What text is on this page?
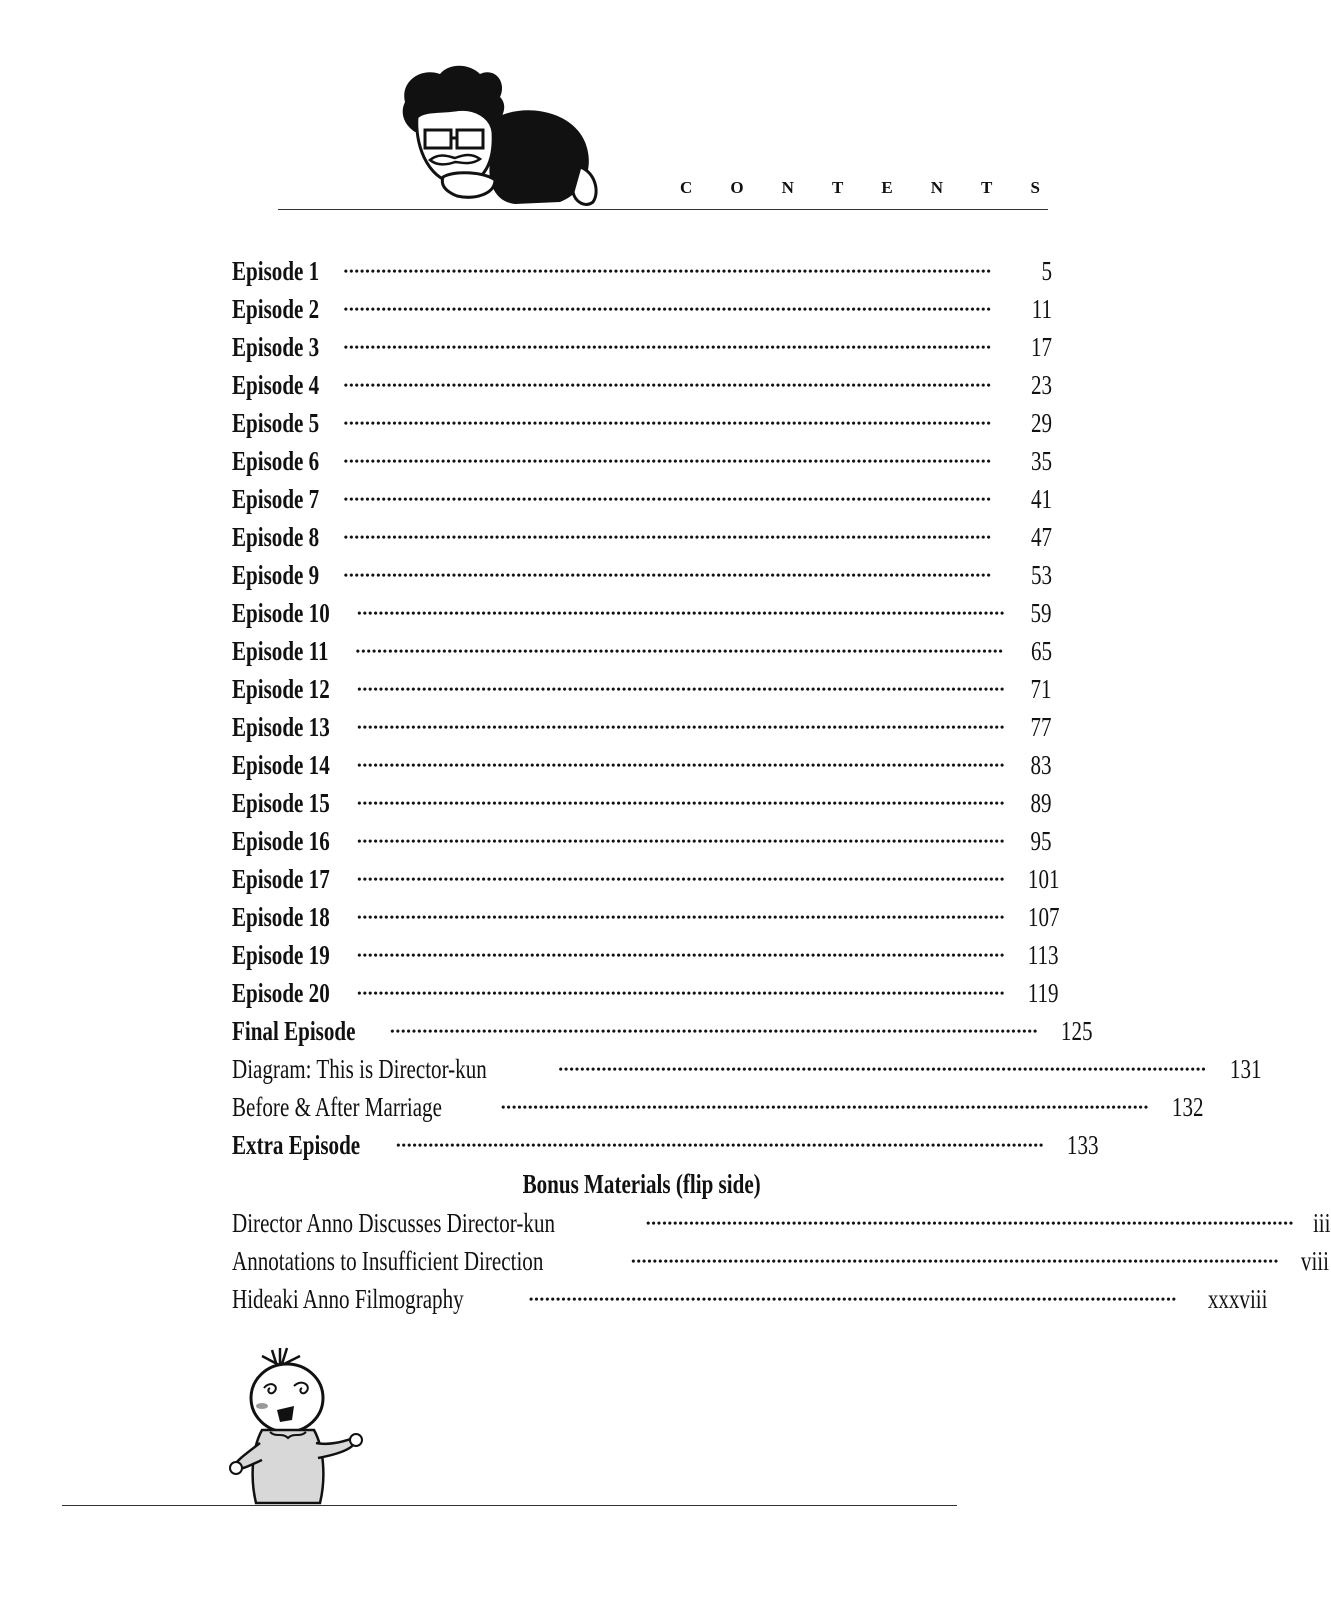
C O N T E N T S
Episode 1 ••••••••••••••••••••••••••••••••••••••••••••••••••••••••••••••••••••••••••••••••••••••••••••••••••••••••••••••••••••••••	5
Episode 2 ••••••••••••••••••••••••••••••••••••••••••••••••••••••••••••••••••••••••••••••••••••••••••••••••••••••••••••••••••••••••	11
Episode 3 ••••••••••••••••••••••••••••••••••••••••••••••••••••••••••••••••••••••••••••••••••••••••••••••••••••••••••••••••••••••••	17
Episode 4 ••••••••••••••••••••••••••••••••••••••••••••••••••••••••••••••••••••••••••••••••••••••••••••••••••••••••••••••••••••••••	23
Episode 5 ••••••••••••••••••••••••••••••••••••••••••••••••••••••••••••••••••••••••••••••••••••••••••••••••••••••••••••••••••••••••	29
Episode 6 ••••••••••••••••••••••••••••••••••••••••••••••••••••••••••••••••••••••••••••••••••••••••••••••••••••••••••••••••••••••••	35
Episode 7 ••••••••••••••••••••••••••••••••••••••••••••••••••••••••••••••••••••••••••••••••••••••••••••••••••••••••••••••••••••••••	41
Episode 8 ••••••••••••••••••••••••••••••••••••••••••••••••••••••••••••••••••••••••••••••••••••••••••••••••••••••••••••••••••••••••	47
Episode 9 ••••••••••••••••••••••••••••••••••••••••••••••••••••••••••••••••••••••••••••••••••••••••••••••••••••••••••••••••••••••••	53
Episode 10 •••••••••••••••••••••••••••••••••••••••••••••••••••••••••••••••••••••••••••••••••••••••••••••••••••••••••••••••••••••••• 59
Episode 11 •••••••••••••••••••••••••••••••••••••••••••••••••••••••••••••••••••••••••••••••••••••••••••••••••••••••••••••••••••••••• 65
Episode 12 •••••••••••••••••••••••••••••••••••••••••••••••••••••••••••••••••••••••••••••••••••••••••••••••••••••••••••••••••••••••• 71
Episode 13 •••••••••••••••••••••••••••••••••••••••••••••••••••••••••••••••••••••••••••••••••••••••••••••••••••••••••••••••••••••••• 77
Episode 14 •••••••••••••••••••••••••••••••••••••••••••••••••••••••••••••••••••••••••••••••••••••••••••••••••••••••••••••••••••••••• 83
Episode 15 •••••••••••••••••••••••••••••••••••••••••••••••••••••••••••••••••••••••••••••••••••••••••••••••••••••••••••••••••••••••• 89
Episode 16 •••••••••••••••••••••••••••••••••••••••••••••••••••••••••••••••••••••••••••••••••••••••••••••••••••••••••••••••••••••••• 95
Episode 17 •••••••••••••••••••••••••••••••••••••••••••••••••••••••••••••••••••••••••••••••••••••••••••••••••••••••••••••••••••••••• 101
Episode 18 •••••••••••••••••••••••••••••••••••••••••••••••••••••••••••••••••••••••••••••••••••••••••••••••••••••••••••••••••••••••• 107
Episode 19 •••••••••••••••••••••••••••••••••••••••••••••••••••••••••••••••••••••••••••••••••••••••••••••••••••••••••••••••••••••••• 113
Episode 20 •••••••••••••••••••••••••••••••••••••••••••••••••••••••••••••••••••••••••••••••••••••••••••••••••••••••••••••••••••••••• 119
Final Episode	•••••••••••••••••••••••••••••••••••••••••••••••••••••••••••••••••••••••••••••••••••••••••••••••••••••••••••••••••••••••• 125
Diagram: This is Director-kun	•••••••••••••••••••••••••••••••••••••••••••••••••••••••••••••••••••••••••••••••••••••••••••••••••••••••••••••••••••••••• 131
Before & After Marriage	•••••••••••••••••••••••••••••••••••••••••••••••••••••••••••••••••••••••••••••••••••••••••••••••••••••••••••••••••••••••• 132
Extra Episode	•••••••••••••••••••••••••••••••••••••••••••••••••••••••••••••••••••••••••••••••••••••••••••••••••••••••••••••••••••••••• 133
Bonus Materials (flip side)
Director Anno Discusses Director-kun	•••••••••••••••••••••••••••••••••••••••••••••••••••••••••••••••••••••••••••••••••••••••••••••••••••••••••••••••••••••••• iii
Annotations to Insufficient Direction	•••••••••••••••••••••••••••••••••••••••••••••••••••••••••••••••••••••••••••••••••••••••••••••••••••••••••••••••••••••••• viii
Hideaki Anno Filmography	•••••••••••••••••••••••••••••••••••••••••••••••••••••••••••••••••••••••••••••••••••••••••••••••••••••••••••••••••••••••• xxxviii
